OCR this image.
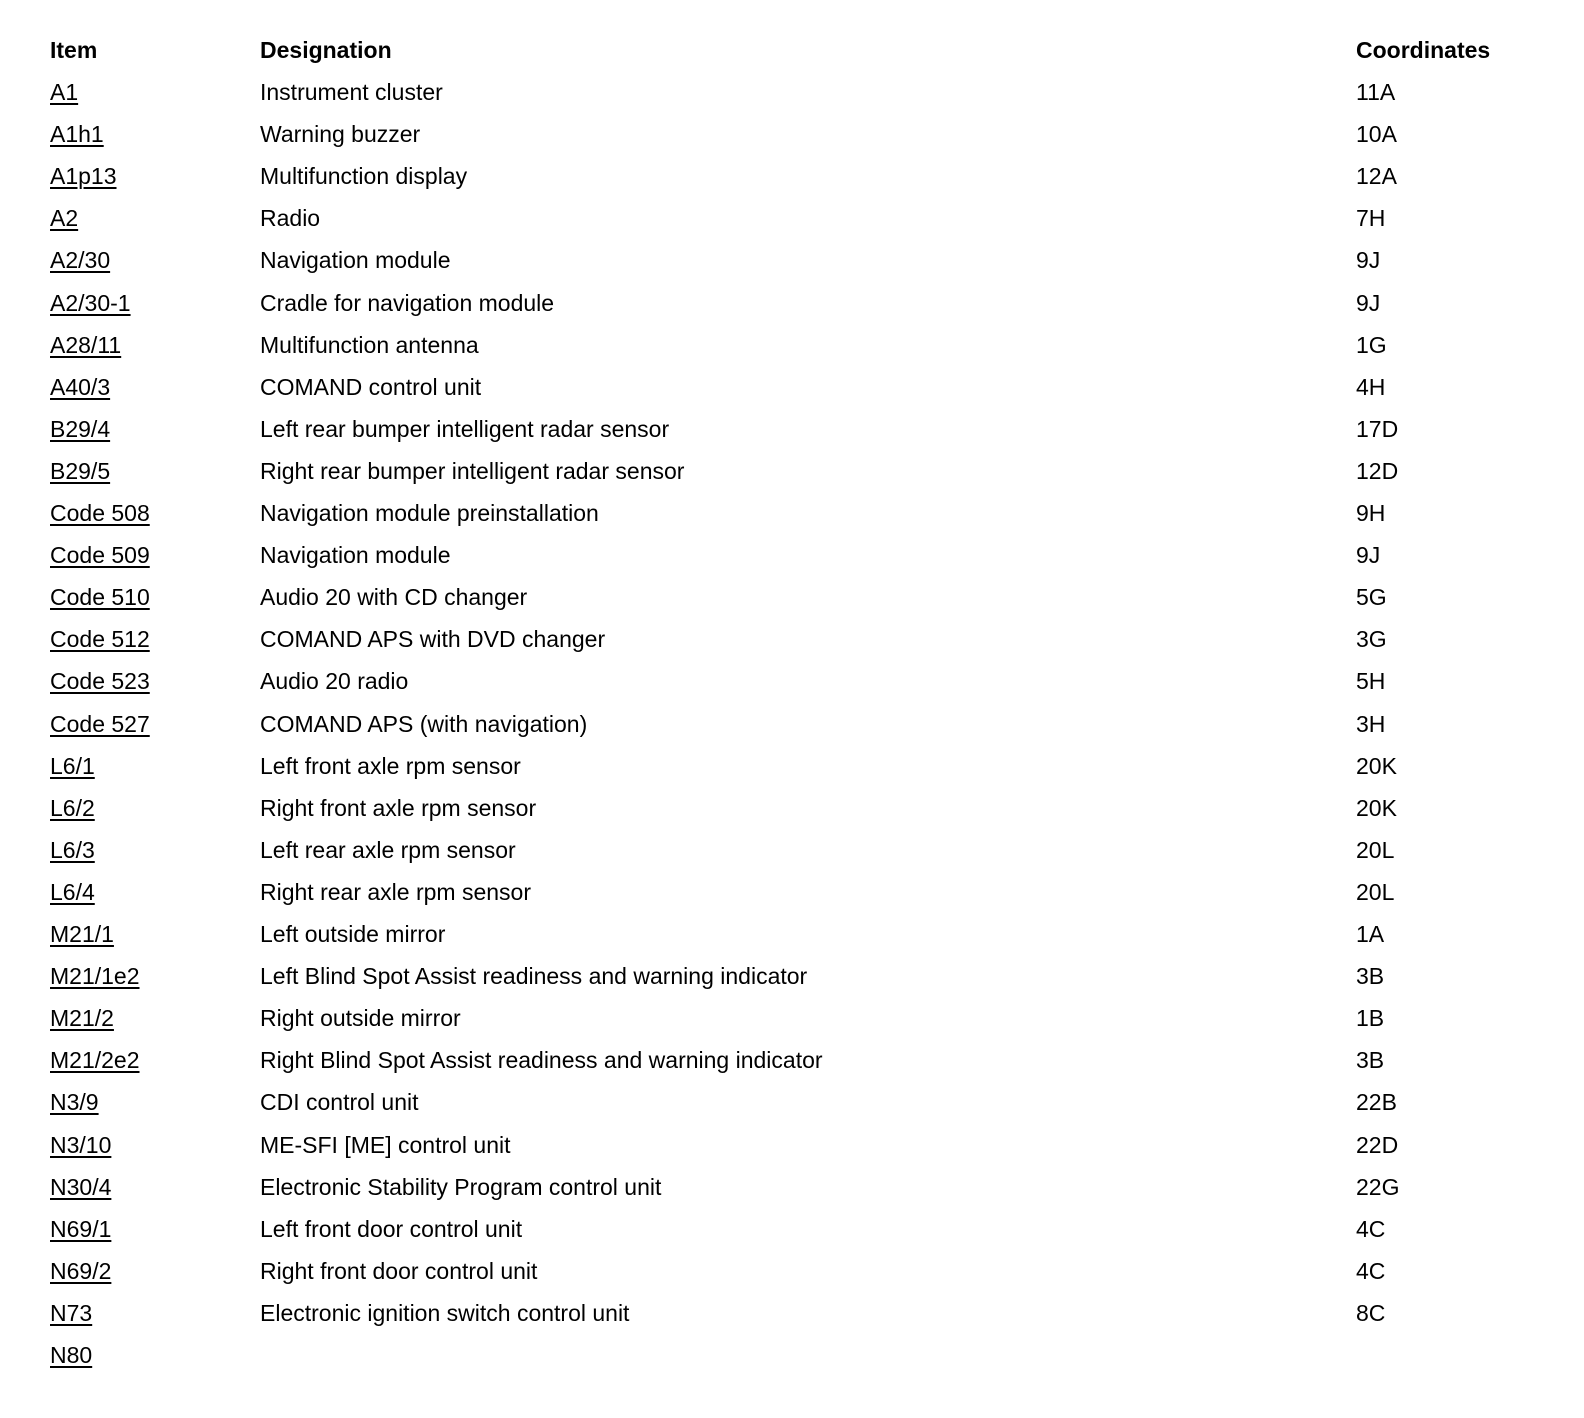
Item	Designation	Coordinates
A1	Instrument cluster	11A
A1h1	Warning buzzer	10A
A1p13	Multifunction display	12A
A2	Radio	7H
A2/30	Navigation module	9J
A2/30-1	Cradle for navigation module	9J
A28/11	Multifunction antenna	1G
A40/3	COMAND control unit	4H
B29/4	Left rear bumper intelligent radar sensor	17D
B29/5	Right rear bumper intelligent radar sensor	12D
Code 508	Navigation module preinstallation	9H
Code 509	Navigation module	9J
Code 510	Audio 20 with CD changer	5G
Code 512	COMAND APS with DVD changer	3G
Code 523	Audio 20 radio	5H
Code 527	COMAND APS (with navigation)	3H
L6/1	Left front axle rpm sensor	20K
L6/2	Right front axle rpm sensor	20K
L6/3	Left rear axle rpm sensor	20L
L6/4	Right rear axle rpm sensor	20L
M21/1	Left outside mirror	1A
M21/1e2	Left Blind Spot Assist readiness and warning indicator	3B
M21/2	Right outside mirror	1B
M21/2e2	Right Blind Spot Assist readiness and warning indicator	3B
N3/9	CDI control unit	22B
N3/10	ME-SFI [ME] control unit	22D
N30/4	Electronic Stability Program control unit	22G
N69/1	Left front door control unit	4C
N69/2	Right front door control unit	4C
N73	Electronic ignition switch control unit	8C
N80
